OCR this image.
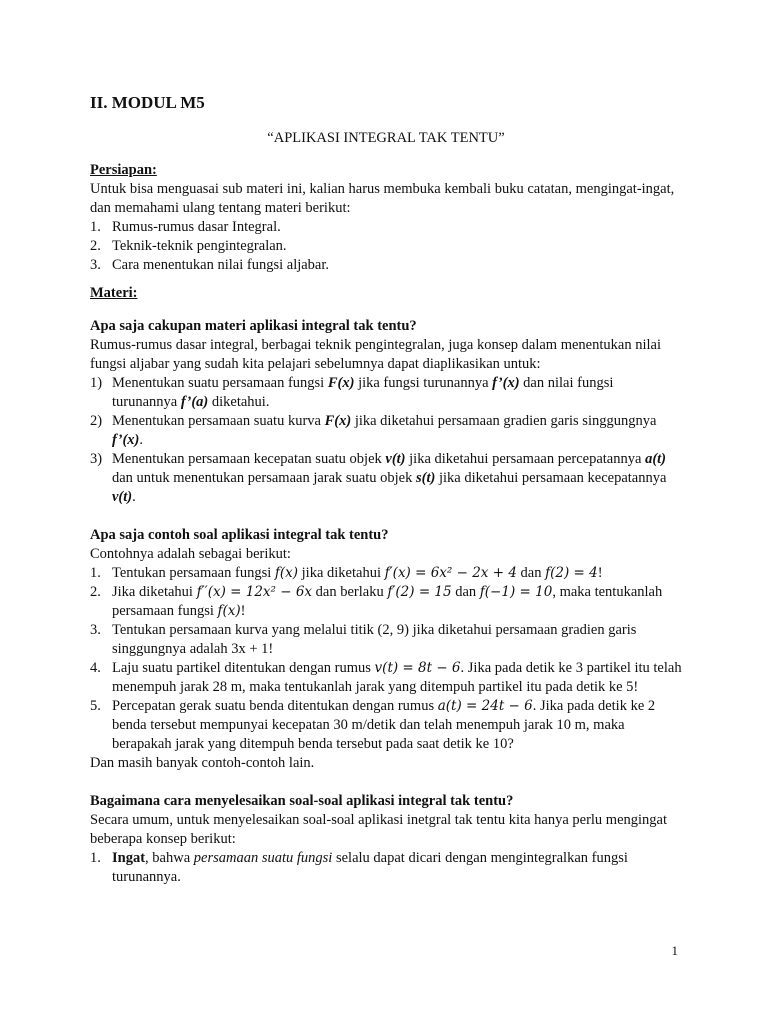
II. MODUL M5
“APLIKASI INTEGRAL TAK TENTU”

Persiapan:

Untuk bisa menguasai sub materi ini, kalian harus membuka kembali buku catatan, mengingat-ingat, dan memahami ulang tentang materi berikut:

1. Rumus-rumus dasar Integral.
2. Teknik-teknik pengintegralan.
3. Cara menentukan nilai fungsi aljabar.

Materi:

Apa saja cakupan materi aplikasi integral tak tentu?

Rumus-rumus dasar integral, berbagai teknik pengintegralan, juga konsep dalam menentukan nilai fungsi aljabar yang sudah kita pelajari sebelumnya dapat diaplikasikan untuk:

1) Menentukan suatu persamaan fungsi F(x) jika fungsi turunannya f’(x) dan nilai fungsi turunannya f’(a) diketahui.
2) Menentukan persamaan suatu kurva F(x) jika diketahui persamaan gradien garis singgungnya f’(x).
3) Menentukan persamaan kecepatan suatu objek v(t) jika diketahui persamaan percepatannya a(t) dan untuk menentukan persamaan jarak suatu objek s(t) jika diketahui persamaan kecepatannya v(t).

Apa saja contoh soal aplikasi integral tak tentu?

Contohnya adalah sebagai berikut:

1. Tentukan persamaan fungsi f(x) jika diketahui f′(x) = 6x² − 2x + 4 dan f(2) = 4!
2. Jika diketahui f′′(x) = 12x² − 6x dan berlaku f′(2) = 15 dan f(−1) = 10, maka tentukanlah persamaan fungsi f(x)!
3. Tentukan persamaan kurva yang melalui titik (2, 9) jika diketahui persamaan gradien garis singgungnya adalah 3x + 1!
4. Laju suatu partikel ditentukan dengan rumus v(t) = 8t − 6. Jika pada detik ke 3 partikel itu telah menempuh jarak 28 m, maka tentukanlah jarak yang ditempuh partikel itu pada detik ke 5!
5. Percepatan gerak suatu benda ditentukan dengan rumus a(t) = 24t − 6. Jika pada detik ke 2 benda tersebut mempunyai kecepatan 30 m/detik dan telah menempuh jarak 10 m, maka berapakah jarak yang ditempuh benda tersebut pada saat detik ke 10?

Dan masih banyak contoh-contoh lain.

Bagaimana cara menyelesaikan soal-soal aplikasi integral tak tentu?

Secara umum, untuk menyelesaikan soal-soal aplikasi inetgral tak tentu kita hanya perlu mengingat beberapa konsep berikut:

1. Ingat, bahwa persamaan suatu fungsi selalu dapat dicari dengan mengintegralkan fungsi turunannya.
1
